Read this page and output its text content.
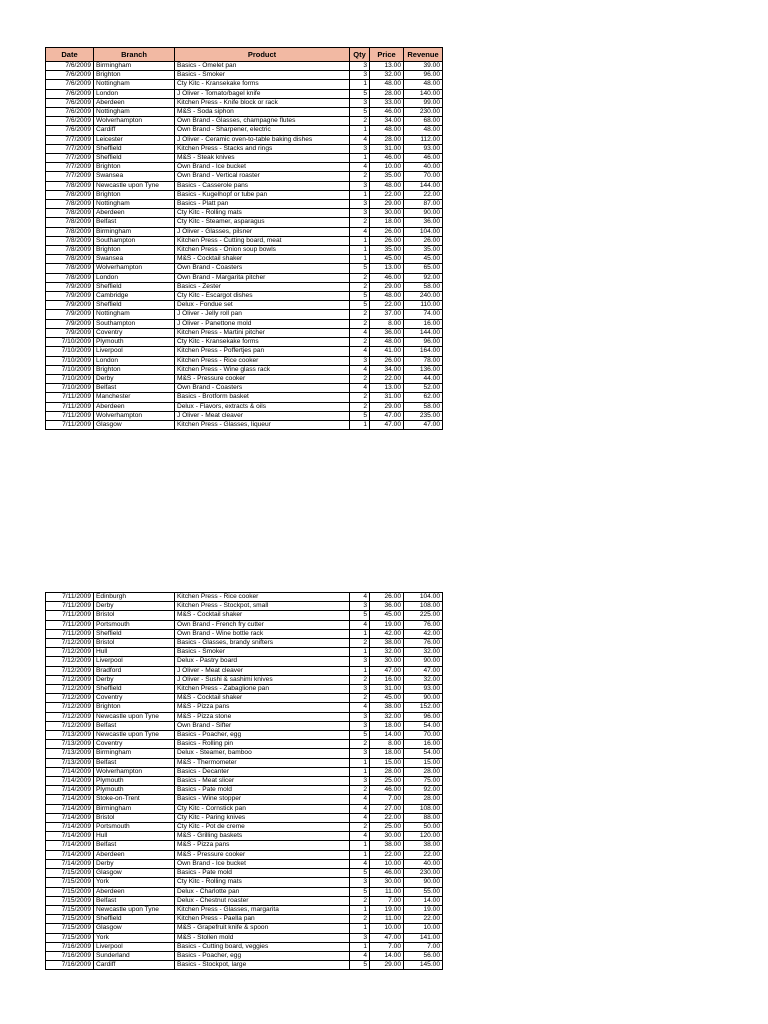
Date	Branch	Product	Qty	Price	Revenue
7/6/2009	Birmingham	Basics - Omelet pan	3	13.00	39.00
7/6/2009	Brighton	Basics - Smoker	3	32.00	96.00
7/6/2009	Nottingham	Cty Kitc - Kransekake forms	1	48.00	48.00
7/6/2009	London	J Oliver - Tomato/bagel knife	5	28.00	140.00
7/6/2009	Aberdeen	Kitchen Press - Knife block or rack	3	33.00	99.00
7/6/2009	Nottingham	M&S - Soda siphon	5	46.00	230.00
7/6/2009	Wolverhampton	Own Brand - Glasses, champagne flutes	2	34.00	68.00
7/6/2009	Cardiff	Own Brand - Sharpener, electric	1	48.00	48.00
7/7/2009	Leicester	J Oliver - Ceramic oven-to-table baking dishes	4	28.00	112.00
7/7/2009	Sheffield	Kitchen Press - Stacks and rings	3	31.00	93.00
7/7/2009	Sheffield	M&S - Steak knives	1	46.00	46.00
7/7/2009	Brighton	Own Brand - Ice bucket	4	10.00	40.00
7/7/2009	Swansea	Own Brand - Vertical roaster	2	35.00	70.00
7/8/2009	Newcastle upon Tyne	Basics - Casserole pans	3	48.00	144.00
7/8/2009	Brighton	Basics - Kugelhopf or tube pan	1	22.00	22.00
7/8/2009	Nottingham	Basics - Platt pan	3	29.00	87.00
7/8/2009	Aberdeen	Cty Kitc - Rolling mats	3	30.00	90.00
7/8/2009	Belfast	Cty Kitc - Steamer, asparagus	2	18.00	36.00
7/8/2009	Birmingham	J Oliver - Glasses, pilsner	4	26.00	104.00
7/8/2009	Southampton	Kitchen Press - Cutting board, meat	1	26.00	26.00
7/8/2009	Brighton	Kitchen Press - Onion soup bowls	1	35.00	35.00
7/8/2009	Swansea	M&S - Cocktail shaker	1	45.00	45.00
7/8/2009	Wolverhampton	Own Brand - Coasters	5	13.00	65.00
7/8/2009	London	Own Brand - Margarita pitcher	2	46.00	92.00
7/9/2009	Sheffield	Basics - Zester	2	29.00	58.00
7/9/2009	Cambridge	Cty Kitc - Escargot dishes	5	48.00	240.00
7/9/2009	Sheffield	Delux - Fondue set	5	22.00	110.00
7/9/2009	Nottingham	J Oliver - Jelly roll pan	2	37.00	74.00
7/9/2009	Southampton	J Oliver - Panettone mold	2	8.00	16.00
7/9/2009	Coventry	Kitchen Press - Martini pitcher	4	36.00	144.00
7/10/2009	Plymouth	Cty Kitc - Kransekake forms	2	48.00	96.00
7/10/2009	Liverpool	Kitchen Press - Poffertjes pan	4	41.00	164.00
7/10/2009	London	Kitchen Press - Rice cooker	3	26.00	78.00
7/10/2009	Brighton	Kitchen Press - Wine glass rack	4	34.00	136.00
7/10/2009	Derby	M&S - Pressure cooker	2	22.00	44.00
7/10/2009	Belfast	Own Brand - Coasters	4	13.00	52.00
7/11/2009	Manchester	Basics - Brotform basket	2	31.00	62.00
7/11/2009	Aberdeen	Delux - Flavors, extracts & oils	2	29.00	58.00
7/11/2009	Wolverhampton	J Oliver - Meat cleaver	5	47.00	235.00
7/11/2009	Glasgow	Kitchen Press - Glasses, liqueur	1	47.00	47.00
7/11/2009	Edinburgh	Kitchen Press - Rice cooker	4	26.00	104.00
7/11/2009	Derby	Kitchen Press - Stockpot, small	3	36.00	108.00
7/11/2009	Bristol	M&S - Cocktail shaker	5	45.00	225.00
7/11/2009	Portsmouth	Own Brand - French fry cutter	4	19.00	76.00
7/11/2009	Sheffield	Own Brand - Wine bottle rack	1	42.00	42.00
7/12/2009	Bristol	Basics - Glasses, brandy snifters	2	38.00	76.00
7/12/2009	Hull	Basics - Smoker	1	32.00	32.00
7/12/2009	Liverpool	Delux - Pastry board	3	30.00	90.00
7/12/2009	Bradford	J Oliver - Meat cleaver	1	47.00	47.00
7/12/2009	Derby	J Oliver - Sushi & sashimi knives	2	16.00	32.00
7/12/2009	Sheffield	Kitchen Press - Zabaglione pan	3	31.00	93.00
7/12/2009	Coventry	M&S - Cocktail shaker	2	45.00	90.00
7/12/2009	Brighton	M&S - Pizza pans	4	38.00	152.00
7/12/2009	Newcastle upon Tyne	M&S - Pizza stone	3	32.00	96.00
7/12/2009	Belfast	Own Brand - Sifter	3	18.00	54.00
7/13/2009	Newcastle upon Tyne	Basics - Poacher, egg	5	14.00	70.00
7/13/2009	Coventry	Basics - Rolling pin	2	8.00	16.00
7/13/2009	Birmingham	Delux - Steamer, bamboo	3	18.00	54.00
7/13/2009	Belfast	M&S - Thermometer	1	15.00	15.00
7/14/2009	Wolverhampton	Basics - Decanter	1	28.00	28.00
7/14/2009	Plymouth	Basics - Meat slicer	3	25.00	75.00
7/14/2009	Plymouth	Basics - Pate mold	2	46.00	92.00
7/14/2009	Stoke-on-Trent	Basics - Wine stopper	4	7.00	28.00
7/14/2009	Birmingham	Cty Kitc - Cornstick pan	4	27.00	108.00
7/14/2009	Bristol	Cty Kitc - Paring knives	4	22.00	88.00
7/14/2009	Portsmouth	Cty Kitc - Pot de creme	2	25.00	50.00
7/14/2009	Hull	M&S - Grilling baskets	4	30.00	120.00
7/14/2009	Belfast	M&S - Pizza pans	1	38.00	38.00
7/14/2009	Aberdeen	M&S - Pressure cooker	1	22.00	22.00
7/14/2009	Derby	Own Brand - Ice bucket	4	10.00	40.00
7/15/2009	Glasgow	Basics - Pate mold	5	46.00	230.00
7/15/2009	York	Cty Kitc - Rolling mats	3	30.00	90.00
7/15/2009	Aberdeen	Delux - Charlotte pan	5	11.00	55.00
7/15/2009	Belfast	Delux - Chestnut roaster	2	7.00	14.00
7/15/2009	Newcastle upon Tyne	Kitchen Press - Glasses, margarita	1	19.00	19.00
7/15/2009	Sheffield	Kitchen Press - Paella pan	2	11.00	22.00
7/15/2009	Glasgow	M&S - Grapefruit knife & spoon	1	10.00	10.00
7/15/2009	York	M&S - Stollen mold	3	47.00	141.00
7/16/2009	Liverpool	Basics - Cutting board, veggies	1	7.00	7.00
7/16/2009	Sunderland	Basics - Poacher, egg	4	14.00	56.00
7/16/2009	Cardiff	Basics - Stockpot, large	5	29.00	145.00
